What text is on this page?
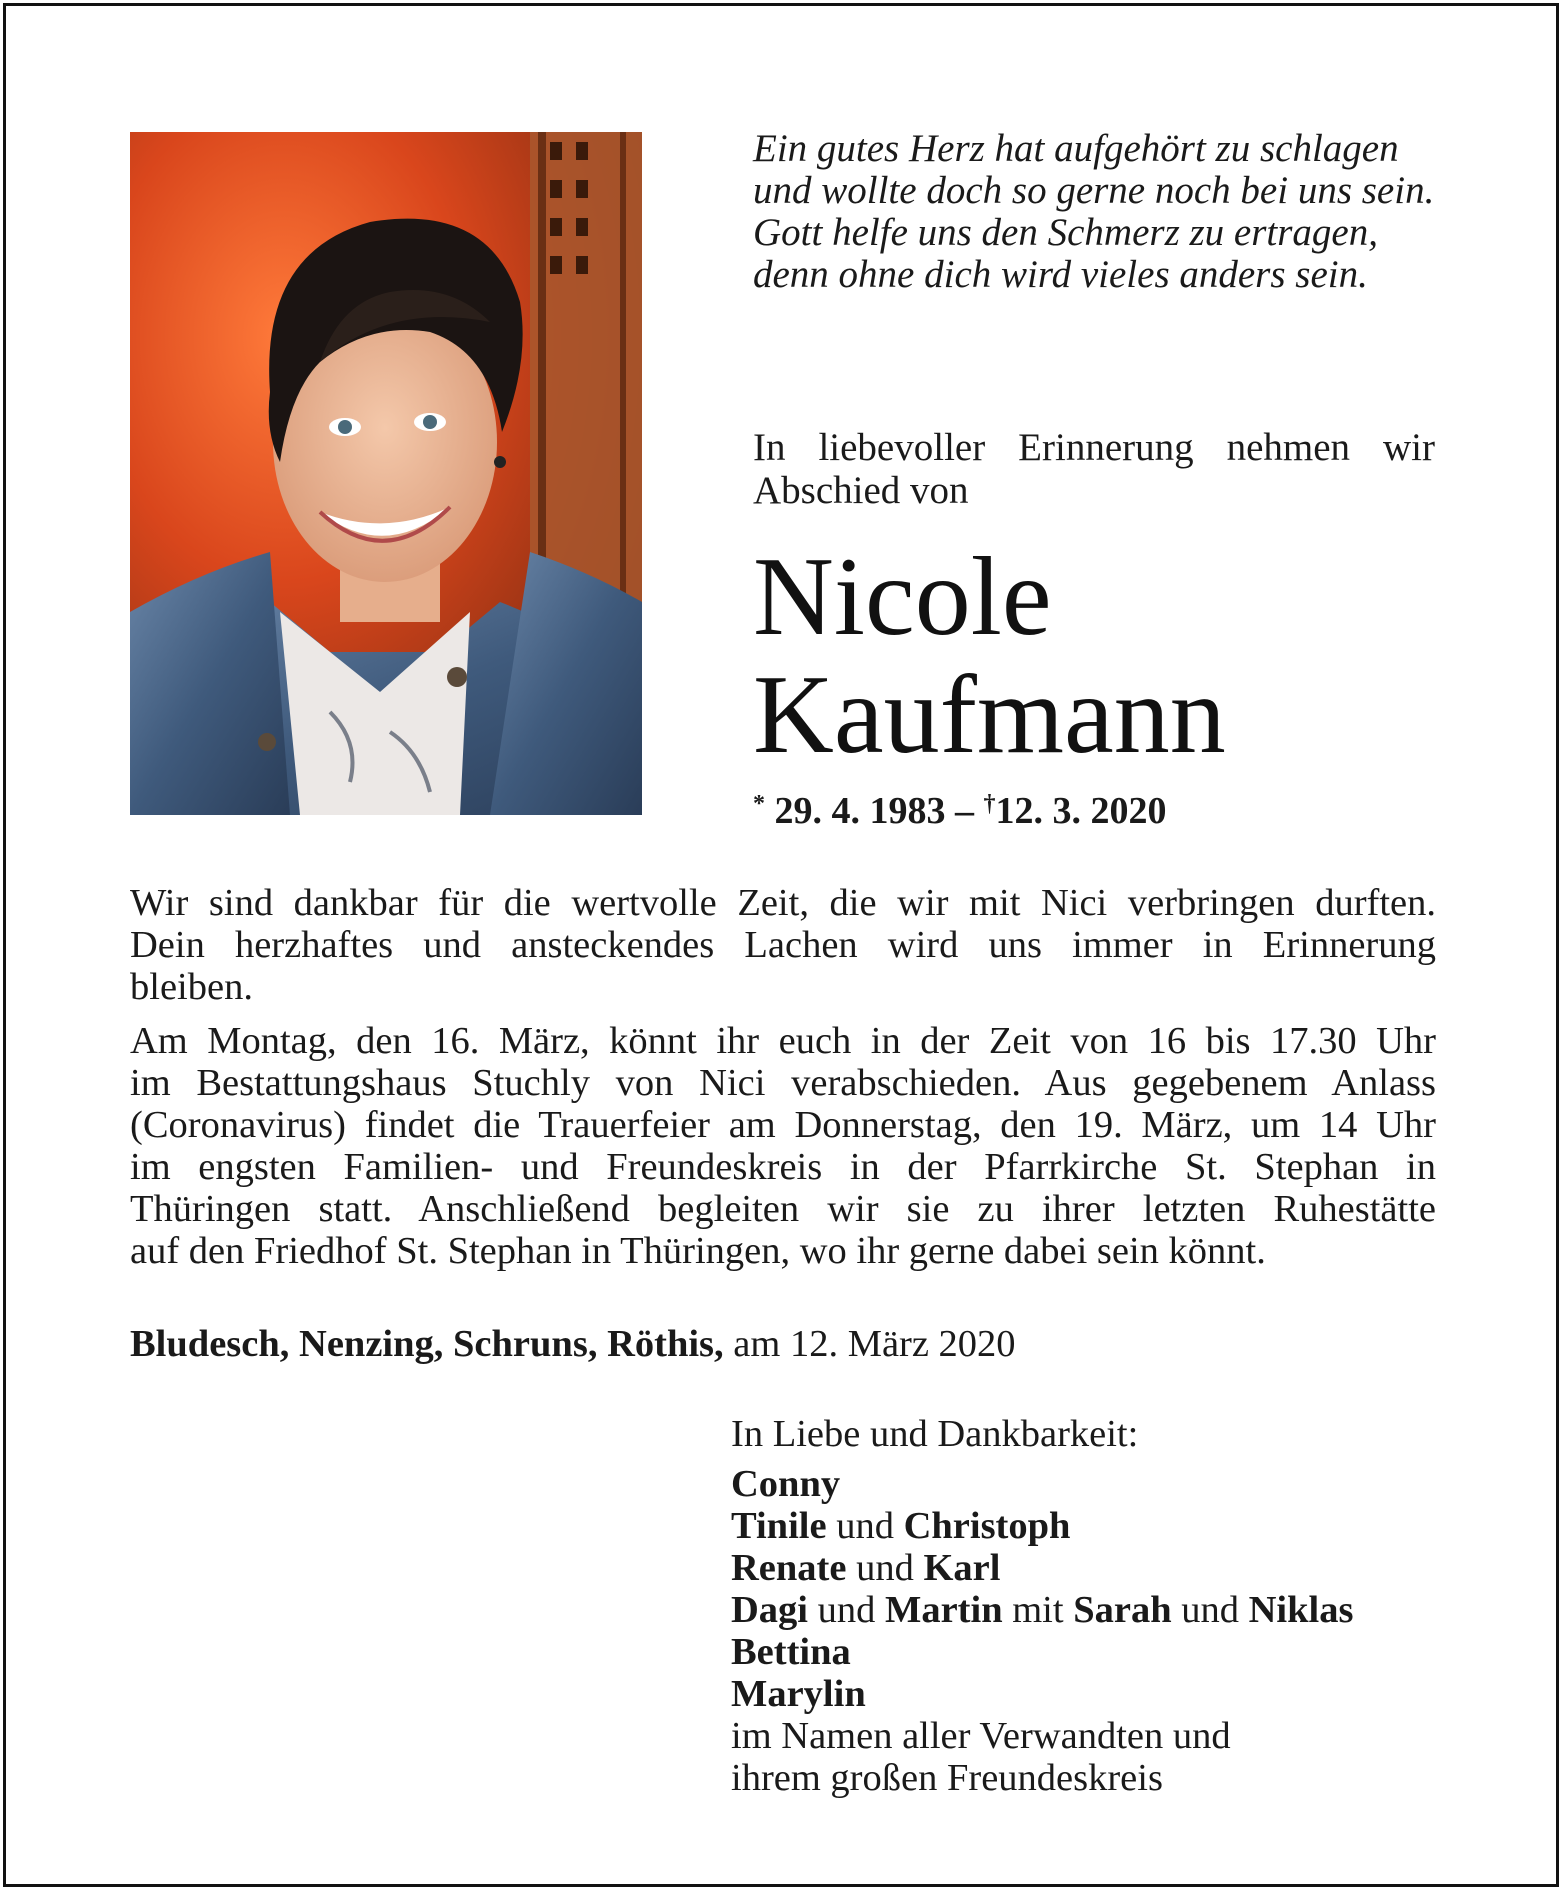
Ein gutes Herz hat aufgehört zu schlagen
und wollte doch so gerne noch bei uns sein.
Gott helfe uns den Schmerz zu ertragen,
denn ohne dich wird vieles anders sein.
In liebevoller Erinnerung nehmen wir
Abschied von
Nicole
Kaufmann
* 29. 4. 1983 – †12. 3. 2020
Wir sind dankbar für die wertvolle Zeit, die wir mit Nici verbringen durften.
Dein herzhaftes und ansteckendes Lachen wird uns immer in Erinnerung
bleiben.
Am Montag, den 16. März, könnt ihr euch in der Zeit von 16 bis 17.30 Uhr
im Bestattungshaus Stuchly von Nici verabschieden. Aus gegebenem Anlass
(Coronavirus) findet die Trauerfeier am Donnerstag, den 19. März, um 14 Uhr
im engsten Familien- und Freundeskreis in der Pfarrkirche St. Stephan in
Thüringen statt. Anschließend begleiten wir sie zu ihrer letzten Ruhestätte
auf den Friedhof St. Stephan in Thüringen, wo ihr gerne dabei sein könnt.
Bludesch, Nenzing, Schruns, Röthis, am 12. März 2020
In Liebe und Dankbarkeit:
Conny
Tinile und Christoph
Renate und Karl
Dagi und Martin mit Sarah und Niklas
Bettina
Marylin
im Namen aller Verwandten und
ihrem großen Freundeskreis
